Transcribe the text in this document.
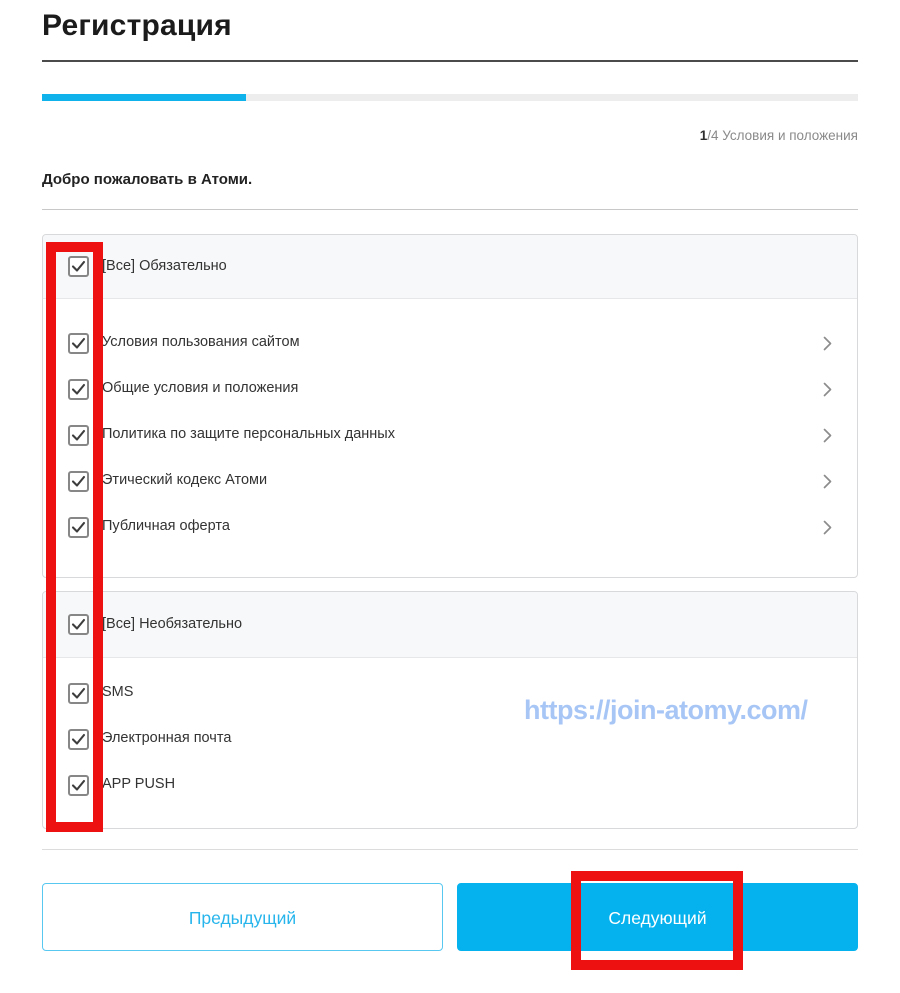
Регистрация
1/4 Условия и положения
Добро пожаловать в Атоми.
[Все] Обязательно
Условия пользования сайтом
Общие условия и положения
Политика по защите персональных данных
Этический кодекс Атоми
Публичная оферта
[Все] Необязательно
SMS
Электронная почта
APP PUSH
Предыдущий	Следующий
https://join-atomy.com/
